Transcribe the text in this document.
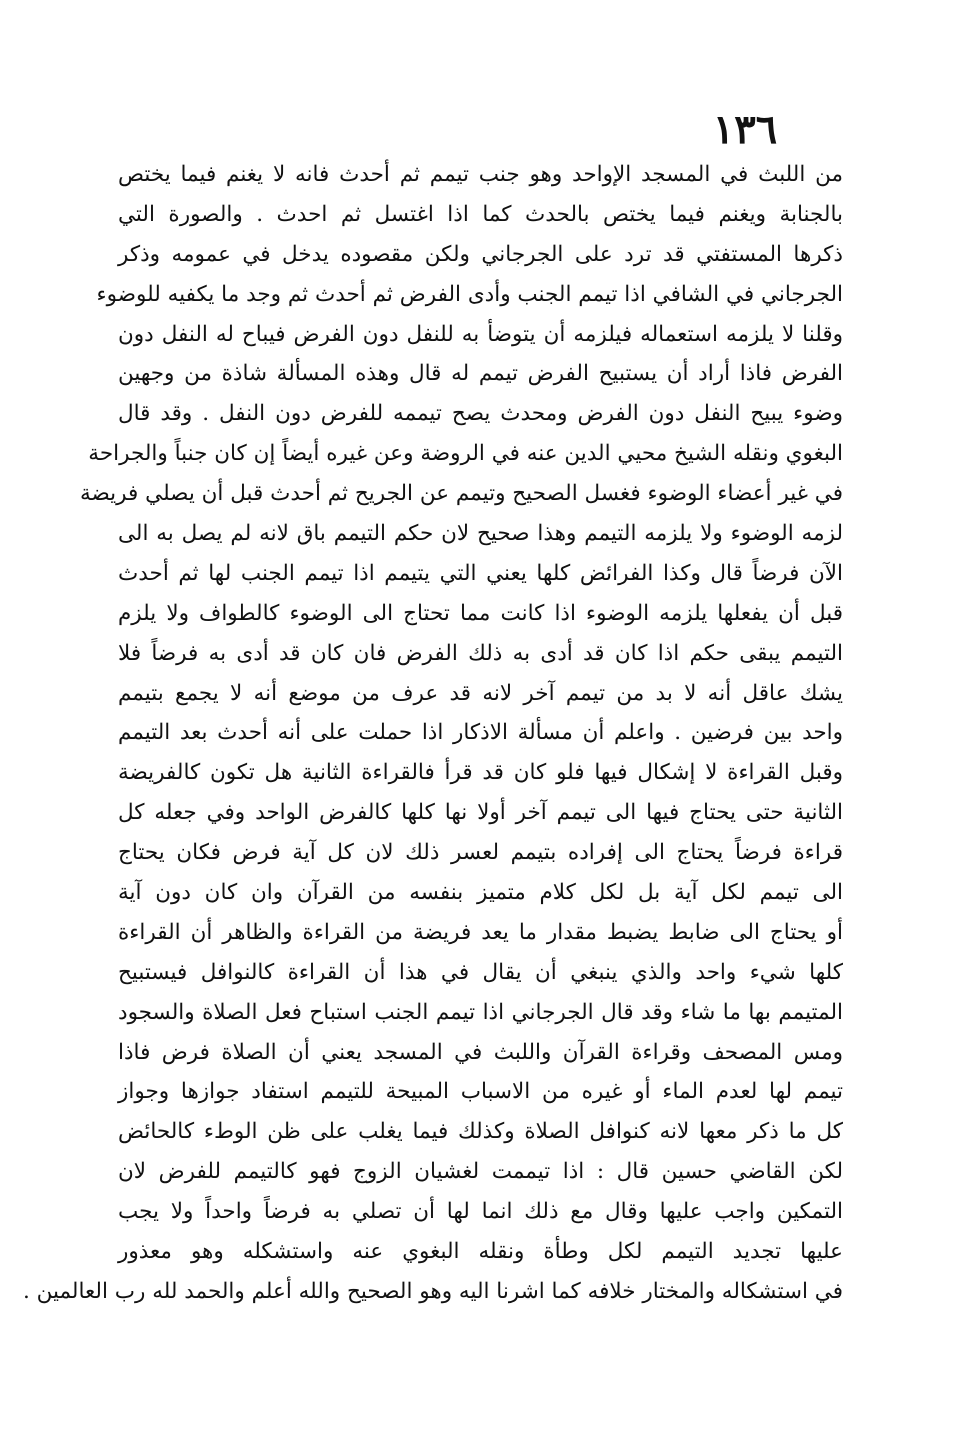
١٣٦
من اللبث في المسجد الإواحد وهو جنب تيمم ثم أحدث فانه لا يغنم فيما يختص
بالجنابة ويغنم فيما يختص بالحدث كما اذا اغتسل ثم احدث . والصورة التي
ذكرها المستفتي قد ترد على الجرجاني ولكن مقصوده يدخل في عمومه وذكر
الجرجاني في الشافي اذا تيمم الجنب وأدى الفرض ثم أحدث ثم وجد ما يكفيه للوضوء
وقلنا لا يلزمه استعماله فيلزمه أن يتوضأ به للنفل دون الفرض فيباح له النفل دون
الفرض فاذا أراد أن يستبيح الفرض تيمم له قال وهذه المسألة شاذة من وجهين
وضوء يبيح النفل دون الفرض ومحدث يصح تيممه للفرض دون النفل . وقد قال
البغوي ونقله الشيخ محيي الدين عنه في الروضة وعن غيره أيضاً إن كان جنباً والجراحة
في غير أعضاء الوضوء فغسل الصحيح وتيمم عن الجريح ثم أحدث قبل أن يصلي فريضة
لزمه الوضوء ولا يلزمه التيمم وهذا صحيح لان حكم التيمم باق لانه لم يصل به الى
الآن فرضاً قال وكذا الفرائض كلها يعني التي يتيمم اذا تيمم الجنب لها ثم أحدث
قبل أن يفعلها يلزمه الوضوء اذا كانت مما تحتاج الى الوضوء كالطواف ولا يلزم
التيمم يبقى حكم اذا كان قد أدى به ذلك الفرض فان كان قد أدى به فرضاً فلا
يشك عاقل أنه لا بد من تيمم آخر لانه قد عرف من موضع أنه لا يجمع بتيمم
واحد بين فرضين . واعلم أن مسألة الاذكار اذا حملت على أنه أحدث بعد التيمم
وقبل القراءة لا إشكال فيها فلو كان قد قرأ فالقراءة الثانية هل تكون كالفريضة
الثانية حتى يحتاج فيها الى تيمم آخر أولا نها كلها كالفرض الواحد وفي جعله كل
قراءة فرضاً يحتاج الى إفراده بتيمم لعسر ذلك لان كل آية فرض فكان يحتاج
الى تيمم لكل آية بل لكل كلام متميز بنفسه من القرآن وان كان دون آية
أو يحتاج الى ضابط يضبط مقدار ما يعد فريضة من القراءة والظاهر أن القراءة
كلها شيء واحد والذي ينبغي أن يقال في هذا أن القراءة كالنوافل فيستبيح
المتيمم بها ما شاء وقد قال الجرجاني اذا تيمم الجنب استباح فعل الصلاة والسجود
ومس المصحف وقراءة القرآن واللبث في المسجد يعني أن الصلاة فرض فاذا
تيمم لها لعدم الماء أو غيره من الاسباب المبيحة للتيمم استفاد جوازها وجواز
كل ما ذكر معها لانه كنوافل الصلاة وكذلك فيما يغلب على ظن الوطء كالحائض
لكن القاضي حسين قال : اذا تيممت لغشيان الزوج فهو كالتيمم للفرض لان
التمكين واجب عليها وقال مع ذلك انما لها أن تصلي به فرضاً واحداً ولا يجب
عليها تجديد التيمم لكل وطأة ونقله البغوي عنه واستشكله وهو معذور
في استشكاله والمختار خلافه كما اشرنا اليه وهو الصحيح والله أعلم والحمد لله رب العالمين .
